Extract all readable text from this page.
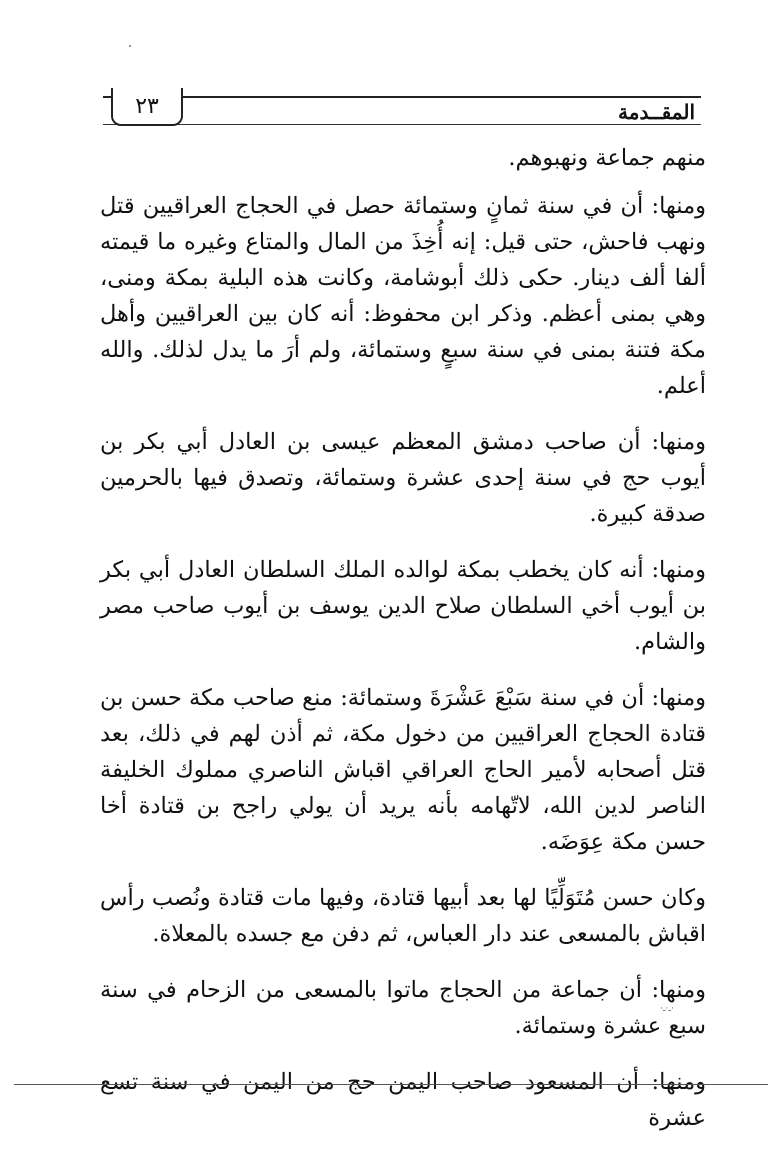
٢٣	المقــدمة

منهم جماعة ونهبوهم.

ومنها: أن في سنة ثمانٍ وستمائة حصل في الحجاج العراقيين قتل ونهب فاحش، حتى قيل: إنه أُخِذَ من المال والمتاع وغيره ما قيمته ألفا ألف دينار. حكى ذلك أبوشامة، وكانت هذه البلية بمكة ومنى، وهي بمنى أعظم. وذكر ابن محفوظ: أنه كان بين العراقيين وأهل مكة فتنة بمنى في سنة سبعٍ وستمائة، ولم أرَ ما يدل لذلك. والله أعلم.

ومنها: أن صاحب دمشق المعظم عيسى بن العادل أبي بكر بن أيوب حج في سنة إحدى عشرة وستمائة، وتصدق فيها بالحرمين صدقة كبيرة.

ومنها: أنه كان يخطب بمكة لوالده الملك السلطان العادل أبي بكر بن أيوب أخي السلطان صلاح الدين يوسف بن أيوب صاحب مصر والشام.

ومنها: أن في سنة سَبْعَ عَشْرَةَ وستمائة: منع صاحب مكة حسن بن قتادة الحجاج العراقيين من دخول مكة، ثم أذن لهم في ذلك، بعد قتل أصحابه لأمير الحاج العراقي اقباش الناصري مملوك الخليفة الناصر لدين الله، لاتّهامه بأنه يريد أن يولي راجح بن قتادة أخا حسن مكة عِوَضَه.

وكان حسن مُتَوَلِّيًا لها بعد أبيها قتادة، وفيها مات قتادة ونُصب رأس اقباش بالمسعى عند دار العباس، ثم دفن مع جسده بالمعلاة.

ومنها: أن جماعة من الحجاج ماتوا بالمسعى من الزحام في سنة سبع عشرة وستمائة.

ومنها: أن المسعود صاحب اليمن حج من اليمن في سنة تسع عشرة

‪·ـ·ـ·‬
